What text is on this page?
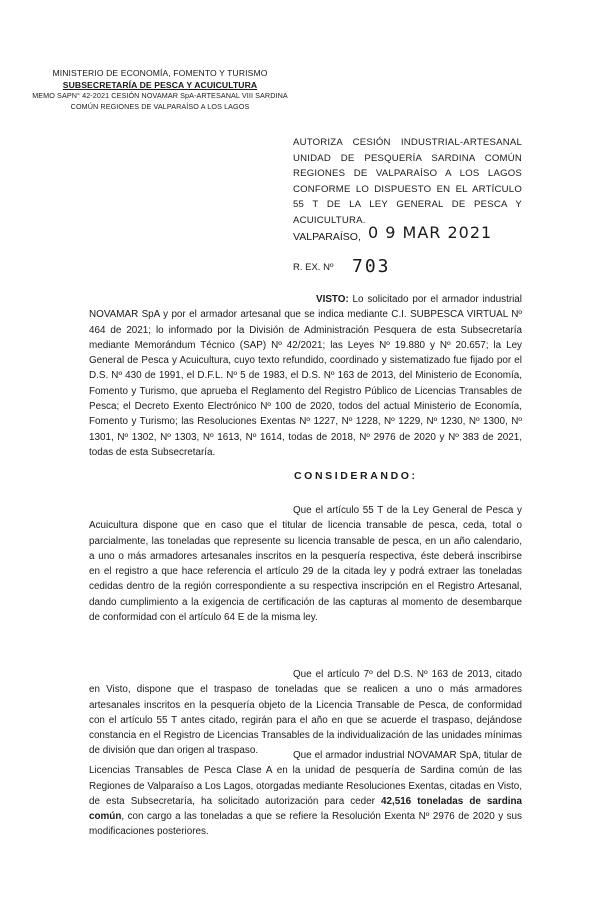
MINISTERIO DE ECONOMÍA, FOMENTO Y TURISMO
SUBSECRETARÍA DE PESCA Y ACUICULTURA
MEMO SAPN° 42-2021 CESIÓN NOVAMAR SpA-ARTESANAL VIII SARDINA
COMÚN REGIONES DE VALPARAÍSO A LOS LAGOS
AUTORIZA CESIÓN INDUSTRIAL-ARTESANAL UNIDAD DE PESQUERÍA SARDINA COMÚN REGIONES DE VALPARAÍSO A LOS LAGOS CONFORME LO DISPUESTO EN EL ARTÍCULO 55 T DE LA LEY GENERAL DE PESCA Y ACUICULTURA.
VALPARAÍSO, 0 9 MAR 2021
R. EX. Nº 703
VISTO: Lo solicitado por el armador industrial NOVAMAR SpA y por el armador artesanal que se indica mediante C.I. SUBPESCA VIRTUAL Nº 464 de 2021; lo informado por la División de Administración Pesquera de esta Subsecretaría mediante Memorándum Técnico (SAP) Nº 42/2021; las Leyes Nº 19.880 y Nº 20.657; la Ley General de Pesca y Acuicultura, cuyo texto refundido, coordinado y sistematizado fue fijado por el D.S. Nº 430 de 1991, el D.F.L. Nº 5 de 1983, el D.S. Nº 163 de 2013, del Ministerio de Economía, Fomento y Turismo, que aprueba el Reglamento del Registro Público de Licencias Transables de Pesca; el Decreto Exento Electrónico Nº 100 de 2020, todos del actual Ministerio de Economía, Fomento y Turismo; las Resoluciones Exentas Nº 1227, Nº 1228, Nº 1229, Nº 1230, Nº 1300, Nº 1301, Nº 1302, Nº 1303, Nº 1613, Nº 1614, todas de 2018, Nº 2976 de 2020 y Nº 383 de 2021, todas de esta Subsecretaría.
CONSIDERANDO:
Que el artículo 55 T de la Ley General de Pesca y Acuicultura dispone que en caso que el titular de licencia transable de pesca, ceda, total o parcialmente, las toneladas que represente su licencia transable de pesca, en un año calendario, a uno o más armadores artesanales inscritos en la pesquería respectiva, éste deberá inscribirse en el registro a que hace referencia el artículo 29 de la citada ley y podrá extraer las toneladas cedidas dentro de la región correspondiente a su respectiva inscripción en el Registro Artesanal, dando cumplimiento a la exigencia de certificación de las capturas al momento de desembarque de conformidad con el artículo 64 E de la misma ley.
Que el artículo 7º del D.S. Nº 163 de 2013, citado en Visto, dispone que el traspaso de toneladas que se realicen a uno o más armadores artesanales inscritos en la pesquería objeto de la Licencia Transable de Pesca, de conformidad con el artículo 55 T antes citado, regirán para el año en que se acuerde el traspaso, dejándose constancia en el Registro de Licencias Transables de la individualización de las unidades mínimas de división que dan origen al traspaso.	Que el armador industrial NOVAMAR SpA, titular de Licencias Transables de Pesca Clase A en la unidad de pesquería de Sardina común de las Regiones de Valparaíso a Los Lagos, otorgadas mediante Resoluciones Exentas, citadas en Visto, de esta Subsecretaría, ha solicitado autorización para ceder 42,516 toneladas de sardina común, con cargo a las toneladas a que se refiere la Resolución Exenta Nº 2976 de 2020 y sus modificaciones posteriores.
